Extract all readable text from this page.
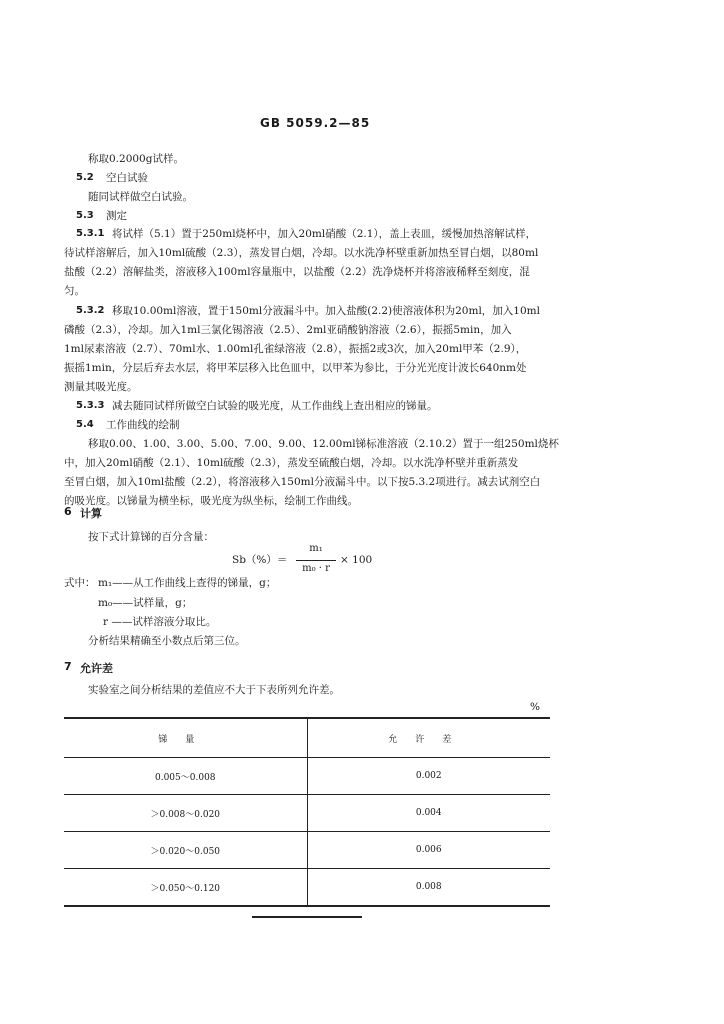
GB 5059.2—85
称取0.2000g试样。
5.2 空白试验
随同试样做空白试验。
5.3 测定
5.3.1 将试样（5.1）置于250ml烧杯中，加入20ml硝酸（2.1），盖上表皿，缓慢加热溶解试样，
待试样溶解后，加入10ml硫酸（2.3），蒸发冒白烟，冷却。以水洗净杯壁重新加热至冒白烟，以80ml
盐酸（2.2）溶解盐类，溶液移入100ml容量瓶中，以盐酸（2.2）洗净烧杯并将溶液稀释至刻度，混
匀。
5.3.2 移取10.00ml溶液，置于150ml分液漏斗中。加入盐酸(2.2)使溶液体积为20ml，加入10ml
磷酸（2.3），冷却。加入1ml三氯化锡溶液（2.5）、2ml亚硝酸钠溶液（2.6），振摇5min，加入
1ml尿素溶液（2.7）、70ml水、1.00ml孔雀绿溶液（2.8），振摇2或3次，加入20ml甲苯（2.9），
振摇1min，分层后弃去水层，将甲苯层移入比色皿中，以甲苯为参比，于分光光度计波长640nm处
测量其吸光度。
5.3.3 减去随同试样所做空白试验的吸光度，从工作曲线上查出相应的锑量。
5.4 工作曲线的绘制
移取0.00、1.00、3.00、5.00、7.00、9.00、12.00ml锑标准溶液（2.10.2）置于一组250ml烧杯
中，加入20ml硝酸（2.1）、10ml硫酸（2.3），蒸发至硫酸白烟，冷却。以水洗净杯壁并重新蒸发
至冒白烟，加入10ml盐酸（2.2），将溶液移入150ml分液漏斗中。以下按5.3.2项进行。减去试剂空白
的吸光度。以锑量为横坐标，吸光度为纵坐标，绘制工作曲线。
6 计算
按下式计算锑的百分含量：
Sb（%）＝
m₁
m₀ · r
× 100
式中： m₁——从工作曲线上查得的锑量，g；
m₀——试样量，g；
r ——试样溶液分取比。
分析结果精确至小数点后第三位。
7 允许差
实验室之间分析结果的差值应不大于下表所列允许差。
%
锑量	允许差
0.005～0.008	0.002
＞0.008～0.020	0.004
＞0.020～0.050	0.006
＞0.050～0.120	0.008
